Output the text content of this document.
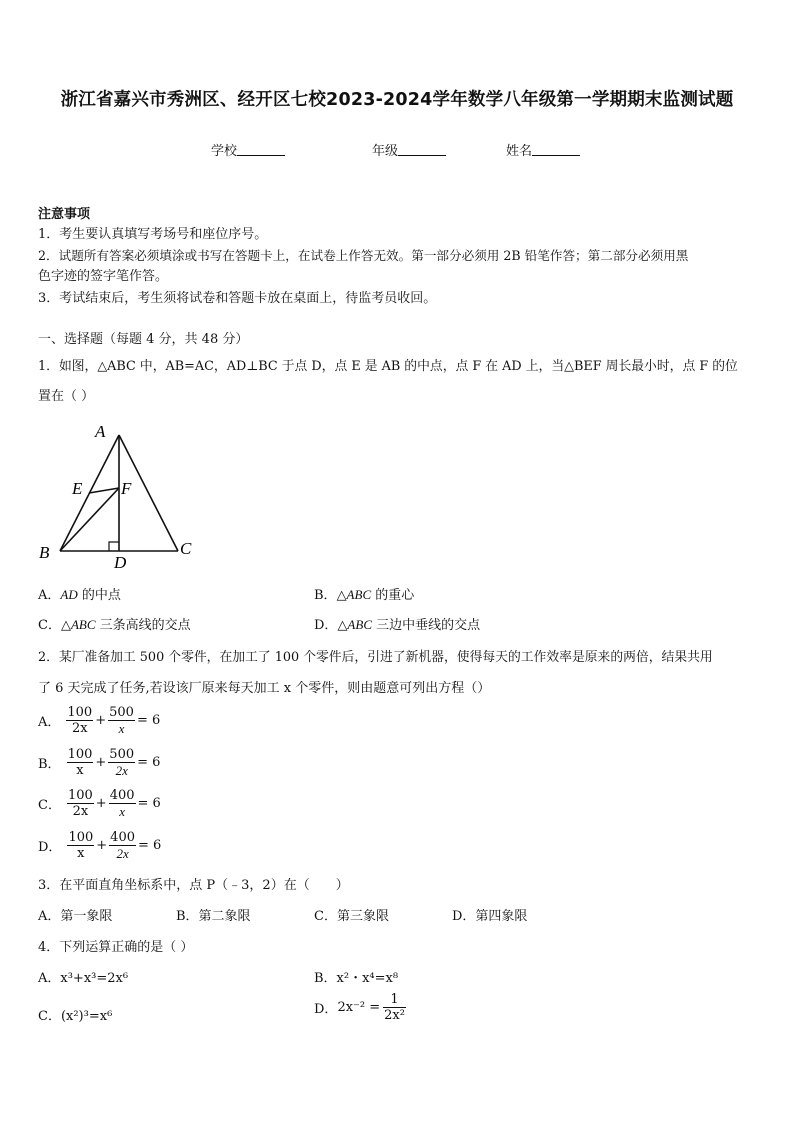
浙江省嘉兴市秀洲区、经开区七校2023-2024学年数学八年级第一学期期末监测试题
学校	年级	姓名
注意事项
1．考生要认真填写考场号和座位序号。
2．试题所有答案必须填涂或书写在答题卡上，在试卷上作答无效。第一部分必须用 2B 铅笔作答；第二部分必须用黑
色字迹的签字笔作答。
3．考试结束后，考生须将试卷和答题卡放在桌面上，待监考员收回。
一、选择题（每题 4 分，共 48 分）
1．如图，△ABC 中，AB=AC，AD⊥BC 于点 D，点 E 是 AB 的中点，点 F 在 AD 上，当△BEF 周长最小时，点 F 的位
置在（ ）
A
E F
B	C
D
A．AD 的中点	B．△ABC 的重心
C．△ABC 三条高线的交点	D．△ABC 三边中垂线的交点
2．某厂准备加工 500 个零件，在加工了 100 个零件后，引进了新机器，使得每天的工作效率是原来的两倍，结果共用
了 6 天完成了任务,若设该厂原来每天加工 x 个零件，则由题意可列出方程（）
A． $\frac{100}{2x} + \frac{500}{x} = 6$
B． $\frac{100}{x} + \frac{500}{2x} = 6$
C． $\frac{100}{2x} + \frac{400}{x} = 6$
D． $\frac{100}{x} + \frac{400}{2x} = 6$
3．在平面直角坐标系中，点 P（﹣3，2）在（　　）
A．第一象限	B．第二象限	C．第三象限	D．第四象限
4．下列运算正确的是（ ）
A．x³+x³=2x⁶	B．x²・x⁴=x⁸
C．(x²)³=x⁶	D． $2x^{-2} = \frac{1}{\text{2x²}}$
